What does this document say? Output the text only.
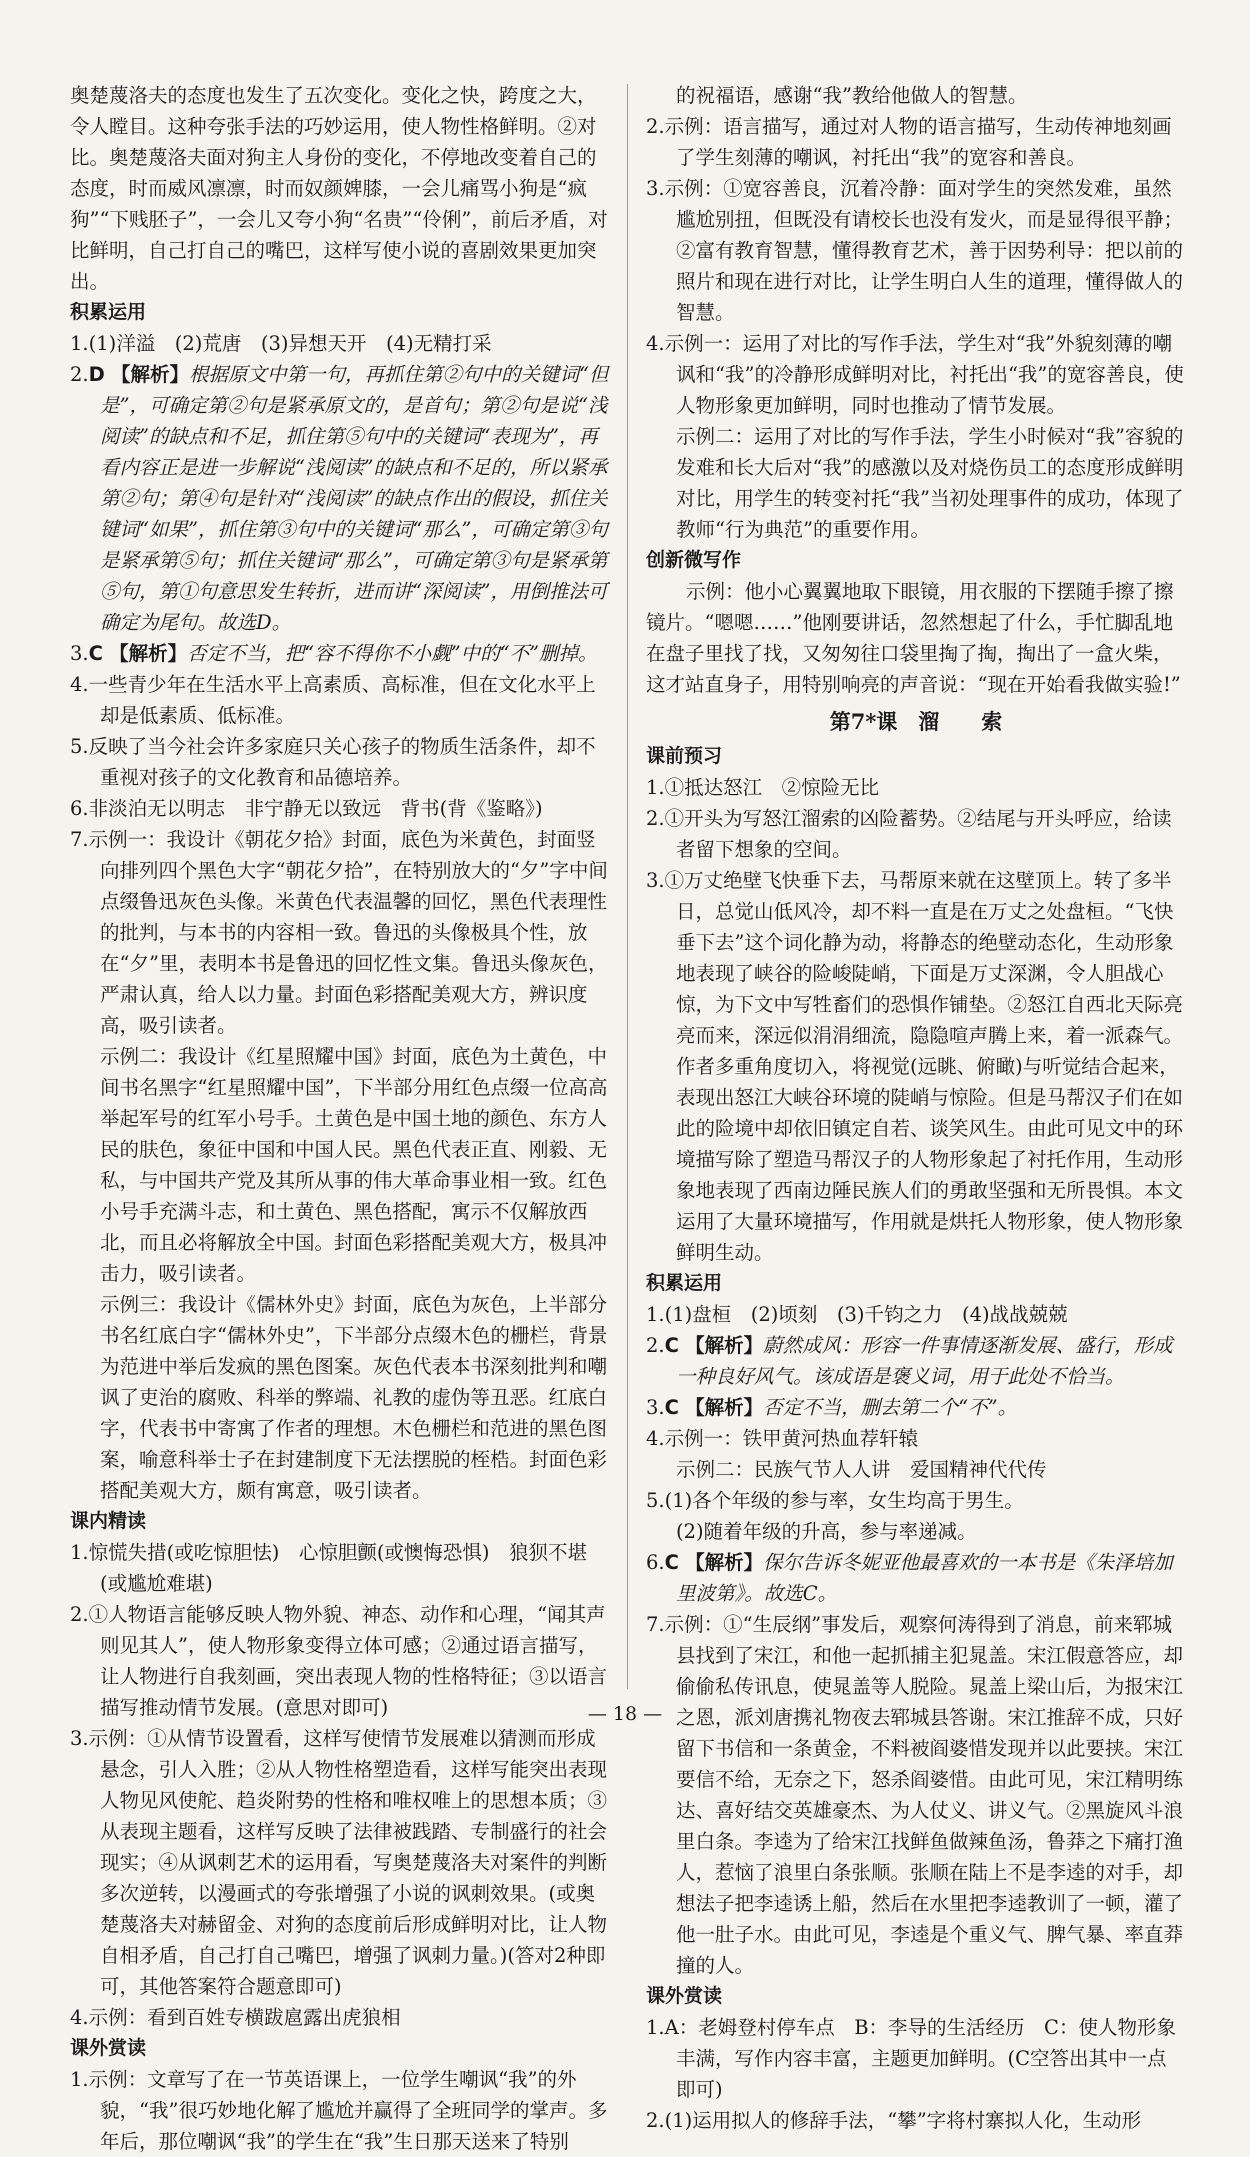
奥楚蔑洛夫的态度也发生了五次变化。变化之快，跨度之大，令人瞠目。这种夸张手法的巧妙运用，使人物性格鲜明。②对比。奥楚蔑洛夫面对狗主人身份的变化，不停地改变着自己的态度，时而威风凛凛，时而奴颜婢膝，一会儿痛骂小狗是“疯狗”“下贱胚子”，一会儿又夸小狗“名贵”“伶俐”，前后矛盾，对比鲜明，自己打自己的嘴巴，这样写使小说的喜剧效果更加突出。

积累运用
1.(1)洋溢　(2)荒唐　(3)异想天开　(4)无精打采
2.D 【解析】根据原文中第一句，再抓住第②句中的关键词“但是”，可确定第②句是紧承原文的，是首句；第②句是说“浅阅读”的缺点和不足，抓住第⑤句中的关键词“表现为”，再看内容正是进一步解说“浅阅读”的缺点和不足的，所以紧承第②句；第④句是针对“浅阅读”的缺点作出的假设，抓住关键词“如果”，抓住第③句中的关键词“那么”，可确定第③句是紧承第⑤句；抓住关键词“那么”，可确定第③句是紧承第⑤句，第①句意思发生转折，进而讲“深阅读”，用倒推法可确定为尾句。故选D。
3.C 【解析】否定不当，把“容不得你不小觑”中的“不”删掉。
4.一些青少年在生活水平上高素质、高标准，但在文化水平上却是低素质、低标准。
5.反映了当今社会许多家庭只关心孩子的物质生活条件，却不重视对孩子的文化教育和品德培养。
6.非淡泊无以明志　非宁静无以致远　背书(背《鉴略》)
7.示例一：我设计《朝花夕拾》封面，底色为米黄色，封面竖向排列四个黑色大字“朝花夕拾”，在特别放大的“夕”字中间点缀鲁迅灰色头像。米黄色代表温馨的回忆，黑色代表理性的批判，与本书的内容相一致。鲁迅的头像极具个性，放在“夕”里，表明本书是鲁迅的回忆性文集。鲁迅头像灰色，严肃认真，给人以力量。封面色彩搭配美观大方，辨识度高，吸引读者。
示例二：我设计《红星照耀中国》封面，底色为土黄色，中间书名黑字“红星照耀中国”，下半部分用红色点缀一位高高举起军号的红军小号手。土黄色是中国土地的颜色、东方人民的肤色，象征中国和中国人民。黑色代表正直、刚毅、无私，与中国共产党及其所从事的伟大革命事业相一致。红色小号手充满斗志，和土黄色、黑色搭配，寓示不仅解放西北，而且必将解放全中国。封面色彩搭配美观大方，极具冲击力，吸引读者。
示例三：我设计《儒林外史》封面，底色为灰色，上半部分书名红底白字“儒林外史”，下半部分点缀木色的栅栏，背景为范进中举后发疯的黑色图案。灰色代表本书深刻批判和嘲讽了吏治的腐败、科举的弊端、礼教的虚伪等丑恶。红底白字，代表书中寄寓了作者的理想。木色栅栏和范进的黑色图案，喻意科举士子在封建制度下无法摆脱的桎梏。封面色彩搭配美观大方，颇有寓意，吸引读者。
课内精读
1.惊慌失措(或吃惊胆怯)　心惊胆颤(或懊悔恐惧)　狼狈不堪(或尴尬难堪)
2.①人物语言能够反映人物外貌、神态、动作和心理，“闻其声则见其人”，使人物形象变得立体可感；②通过语言描写，让人物进行自我刻画，突出表现人物的性格特征；③以语言描写推动情节发展。(意思对即可)
3.示例：①从情节设置看，这样写使情节发展难以猜测而形成悬念，引人入胜；②从人物性格塑造看，这样写能突出表现人物见风使舵、趋炎附势的性格和唯权唯上的思想本质；③从表现主题看，这样写反映了法律被践踏、专制盛行的社会现实；④从讽刺艺术的运用看，写奥楚蔑洛夫对案件的判断多次逆转，以漫画式的夸张增强了小说的讽刺效果。(或奥楚蔑洛夫对赫留金、对狗的态度前后形成鲜明对比，让人物自相矛盾，自己打自己嘴巴，增强了讽刺力量。)(答对2种即可，其他答案符合题意即可)
4.示例：看到百姓专横跋扈露出虎狼相
课外赏读
1.示例：文章写了在一节英语课上，一位学生嘲讽“我”的外貌，“我”很巧妙地化解了尴尬并赢得了全班同学的掌声。多年后，那位嘲讽“我”的学生在“我”生日那天送来了特别
的祝福语，感谢“我”教给他做人的智慧。
2.示例：语言描写，通过对人物的语言描写，生动传神地刻画了学生刻薄的嘲讽，衬托出“我”的宽容和善良。
3.示例：①宽容善良，沉着冷静：面对学生的突然发难，虽然尴尬别扭，但既没有请校长也没有发火，而是显得很平静；②富有教育智慧，懂得教育艺术，善于因势利导：把以前的照片和现在进行对比，让学生明白人生的道理，懂得做人的智慧。
4.示例一：运用了对比的写作手法，学生对“我”外貌刻薄的嘲讽和“我”的冷静形成鲜明对比，衬托出“我”的宽容善良，使人物形象更加鲜明，同时也推动了情节发展。
示例二：运用了对比的写作手法，学生小时候对“我”容貌的发难和长大后对“我”的感激以及对烧伤员工的态度形成鲜明对比，用学生的转变衬托“我”当初处理事件的成功，体现了教师“行为典范”的重要作用。
创新微写作
示例：他小心翼翼地取下眼镜，用衣服的下摆随手擦了擦镜片。“嗯嗯……”他刚要讲话，忽然想起了什么，手忙脚乱地在盘子里找了找，又匆匆往口袋里掏了掏，掏出了一盒火柴，这才站直身子，用特别响亮的声音说：“现在开始看我做实验!”
第7*课　溜　　索
课前预习
1.①抵达怒江　②惊险无比
2.①开头为写怒江溜索的凶险蓄势。②结尾与开头呼应，给读者留下想象的空间。
3.①万丈绝壁飞快垂下去，马帮原来就在这壁顶上。转了多半日，总觉山低风冷，却不料一直是在万丈之处盘桓。“飞快垂下去”这个词化静为动，将静态的绝壁动态化，生动形象地表现了峡谷的险峻陡峭，下面是万丈深渊，令人胆战心惊，为下文中写牲畜们的恐惧作铺垫。②怒江自西北天际亮亮而来，深远似涓涓细流，隐隐喧声腾上来，着一派森气。作者多重角度切入，将视觉(远眺、俯瞰)与听觉结合起来，表现出怒江大峡谷环境的陡峭与惊险。但是马帮汉子们在如此的险境中却依旧镇定自若、谈笑风生。由此可见文中的环境描写除了塑造马帮汉子的人物形象起了衬托作用，生动形象地表现了西南边陲民族人们的勇敢坚强和无所畏惧。本文运用了大量环境描写，作用就是烘托人物形象，使人物形象鲜明生动。
积累运用
1.(1)盘桓　(2)顷刻　(3)千钧之力　(4)战战兢兢
2.C 【解析】蔚然成风：形容一件事情逐渐发展、盛行，形成一种良好风气。该成语是褒义词，用于此处不恰当。
3.C 【解析】否定不当，删去第二个“不”。
4.示例一：铁甲黄河热血荐轩辕
示例二：民族气节人人讲　爱国精神代代传
5.(1)各个年级的参与率，女生均高于男生。
(2)随着年级的升高，参与率递减。
6.C 【解析】保尔告诉冬妮亚他最喜欢的一本书是《朱泽培加里波第》。故选C。
7.示例：①“生辰纲”事发后，观察何涛得到了消息，前来郓城县找到了宋江，和他一起抓捕主犯晁盖。宋江假意答应，却偷偷私传讯息，使晁盖等人脱险。晁盖上梁山后，为报宋江之恩，派刘唐携礼物夜去郓城县答谢。宋江推辞不成，只好留下书信和一条黄金，不料被阎婆惜发现并以此要挟。宋江要信不给，无奈之下，怒杀阎婆惜。由此可见，宋江精明练达、喜好结交英雄豪杰、为人仗义、讲义气。②黑旋风斗浪里白条。李逵为了给宋江找鲜鱼做辣鱼汤，鲁莽之下痛打渔人，惹恼了浪里白条张顺。张顺在陆上不是李逵的对手，却想法子把李逵诱上船，然后在水里把李逵教训了一顿，灌了他一肚子水。由此可见，李逵是个重义气、脾气暴、率直莽撞的人。
课外赏读
1.A：老姆登村停车点　B：李导的生活经历　C：使人物形象丰满，写作内容丰富，主题更加鲜明。(C空答出其中一点即可)
2.(1)运用拟人的修辞手法，“攀”字将村寨拟人化，生动形
— 18 —
